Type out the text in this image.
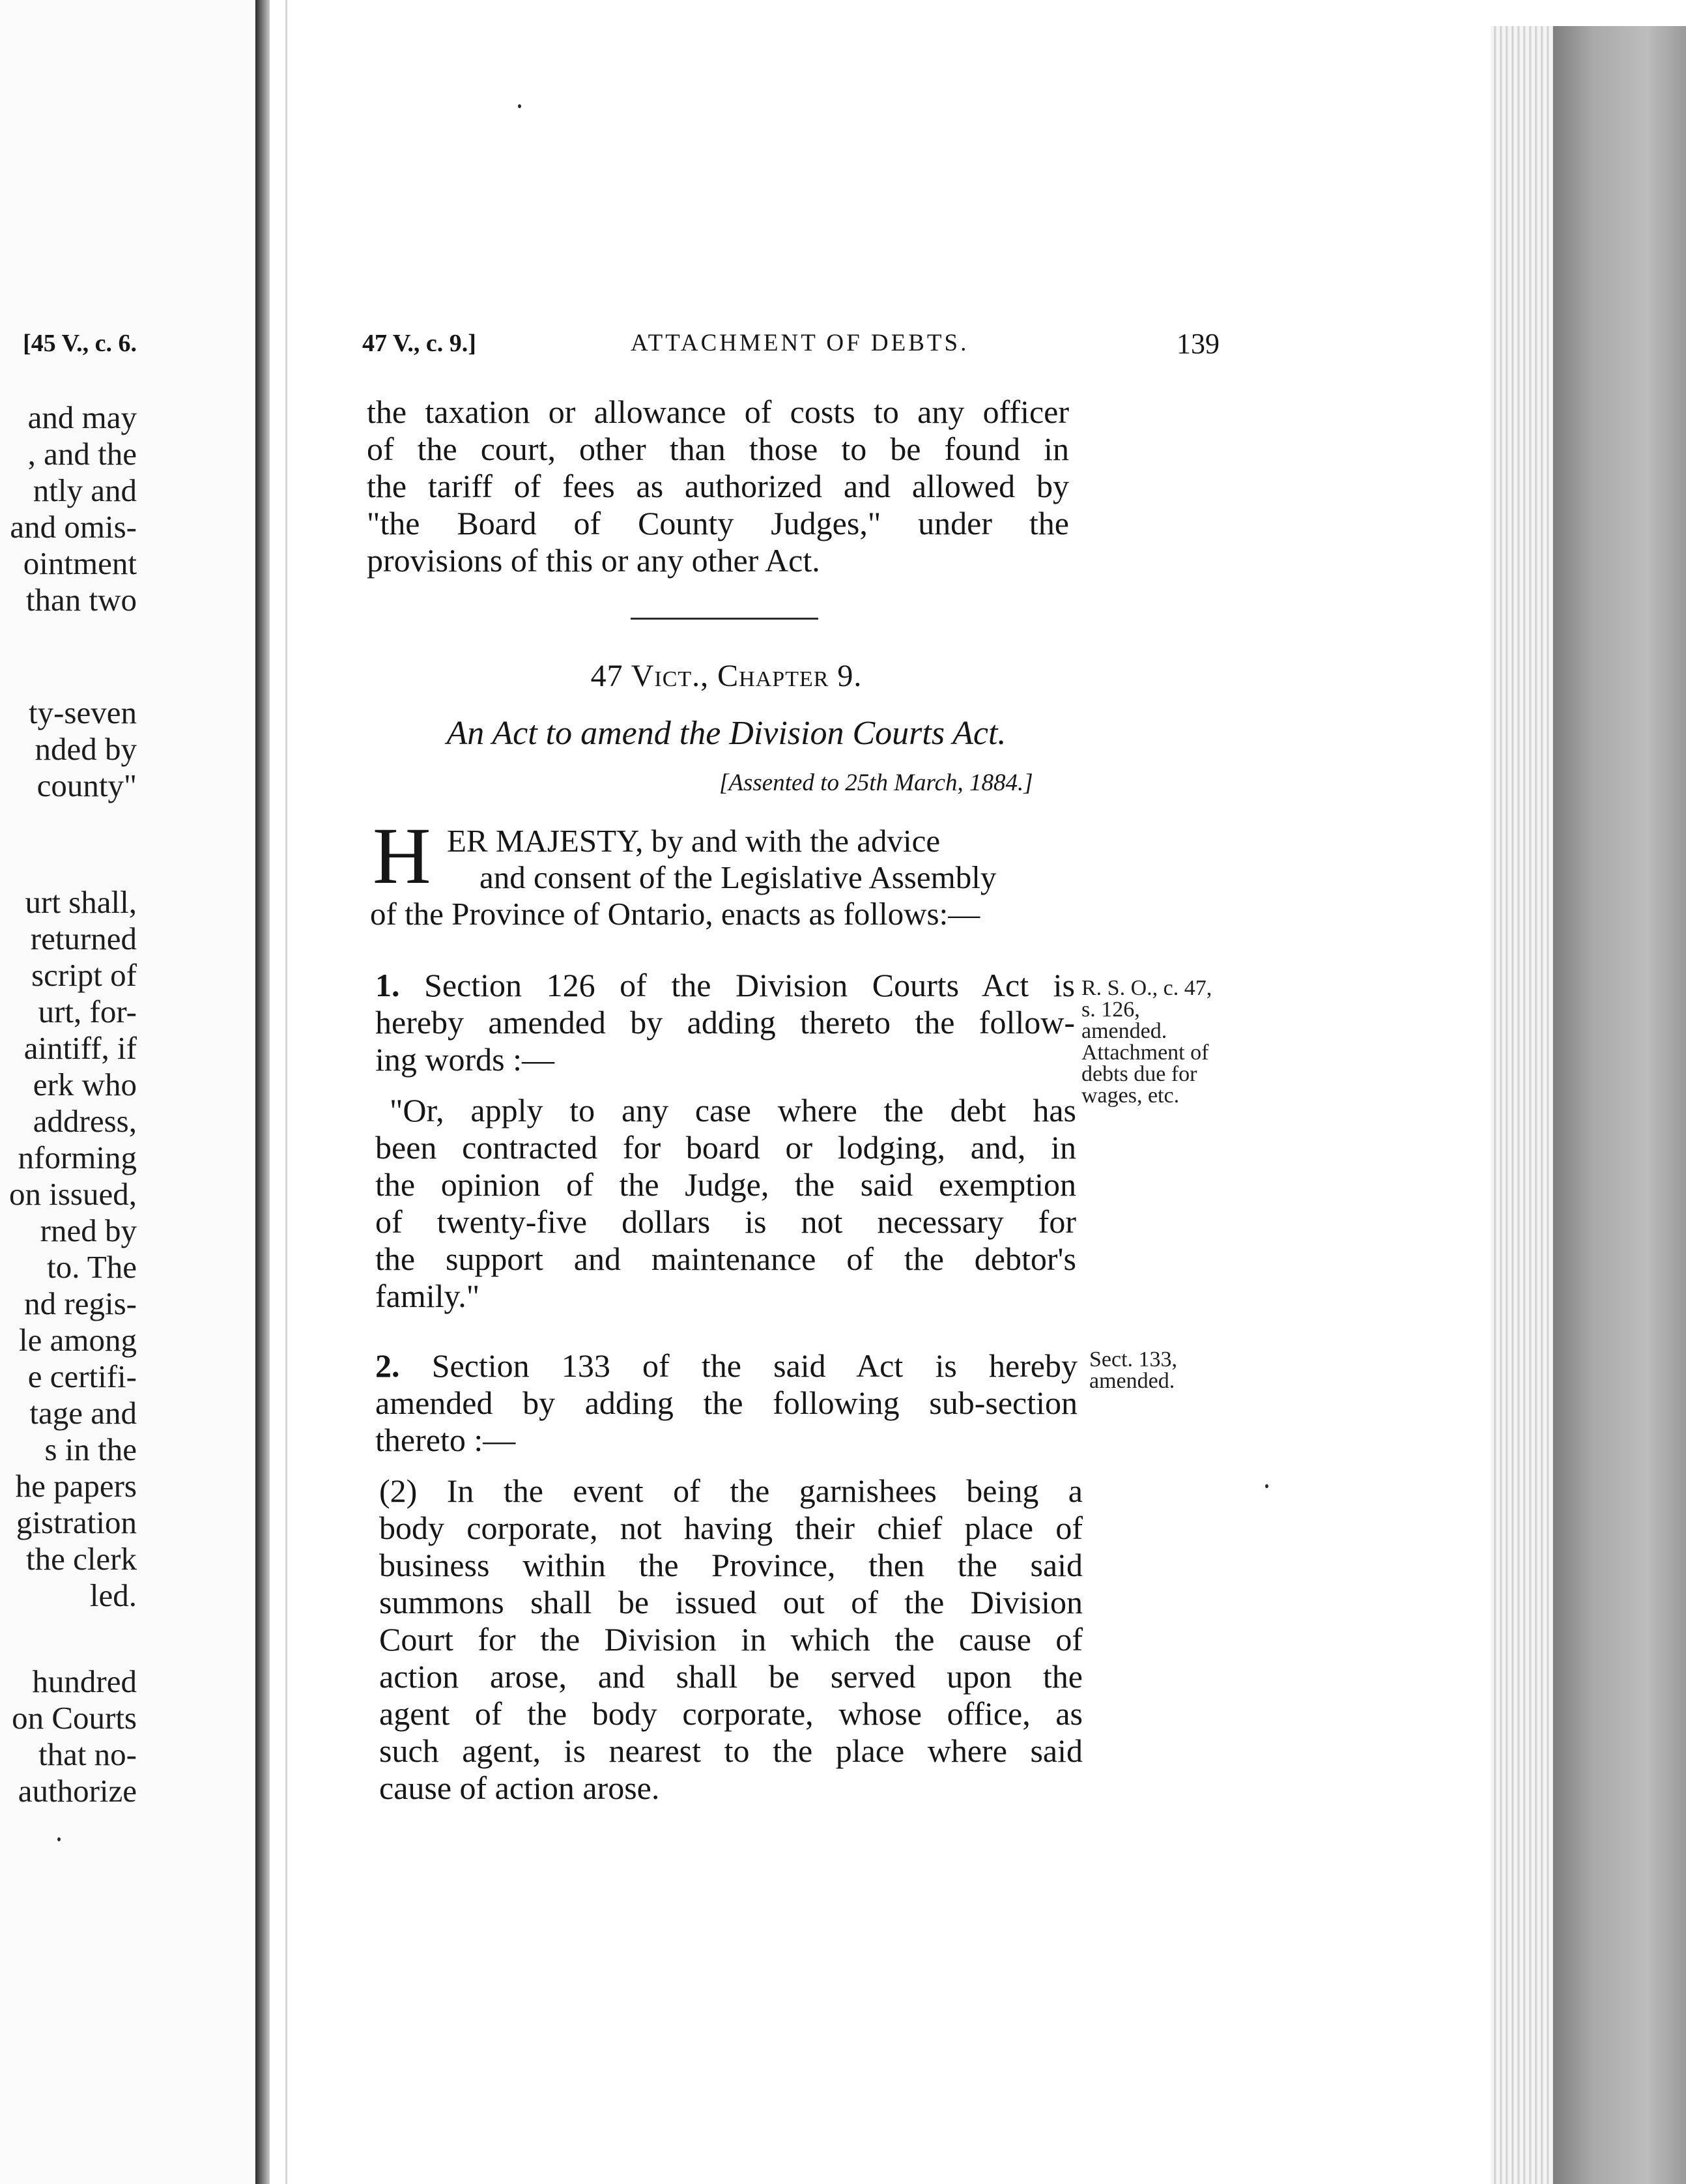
[45 V., c. 6.
and may
, and the
ntly and
and omis-
ointment
than two
ty-seven
nded by
county"
urt shall,
returned
script of
urt, for-
aintiff, if
erk who
address,
nforming
on issued,
rned by
to. The
nd regis-
le among
e certifi-
tage and
s in the
he papers
gistration
the clerk
led.
hundred
on Courts
that no-
authorize
47 V., c. 9.]	ATTACHMENT OF DEBTS.	139
the taxation or allowance of costs to any officer
of the court, other than those to be found in
the tariff of fees as authorized and allowed by
"the Board of County Judges," under the
provisions of this or any other Act.
47 Vict., Chapter 9.
An Act to amend the Division Courts Act.
[Assented to 25th March, 1884.]
H ER MAJESTY, by and with the advice
and consent of the Legislative Assembly
of the Province of Ontario, enacts as follows:—
1. Section 126 of the Division Courts Act is
hereby amended by adding thereto the follow-
ing words :—
"Or, apply to any case where the debt has
been contracted for board or lodging, and, in
the opinion of the Judge, the said exemption
of twenty-five dollars is not necessary for
the support and maintenance of the debtor's
family."
R. S. O., c. 47,
s. 126,
amended.
Attachment of
debts due for
wages, etc.
2. Section 133 of the said Act is hereby
amended by adding the following sub-section
thereto :—
Sect. 133,
amended.
(2) In the event of the garnishees being a
body corporate, not having their chief place of
business within the Province, then the said
summons shall be issued out of the Division
Court for the Division in which the cause of
action arose, and shall be served upon the
agent of the body corporate, whose office, as
such agent, is nearest to the place where said
cause of action arose.
